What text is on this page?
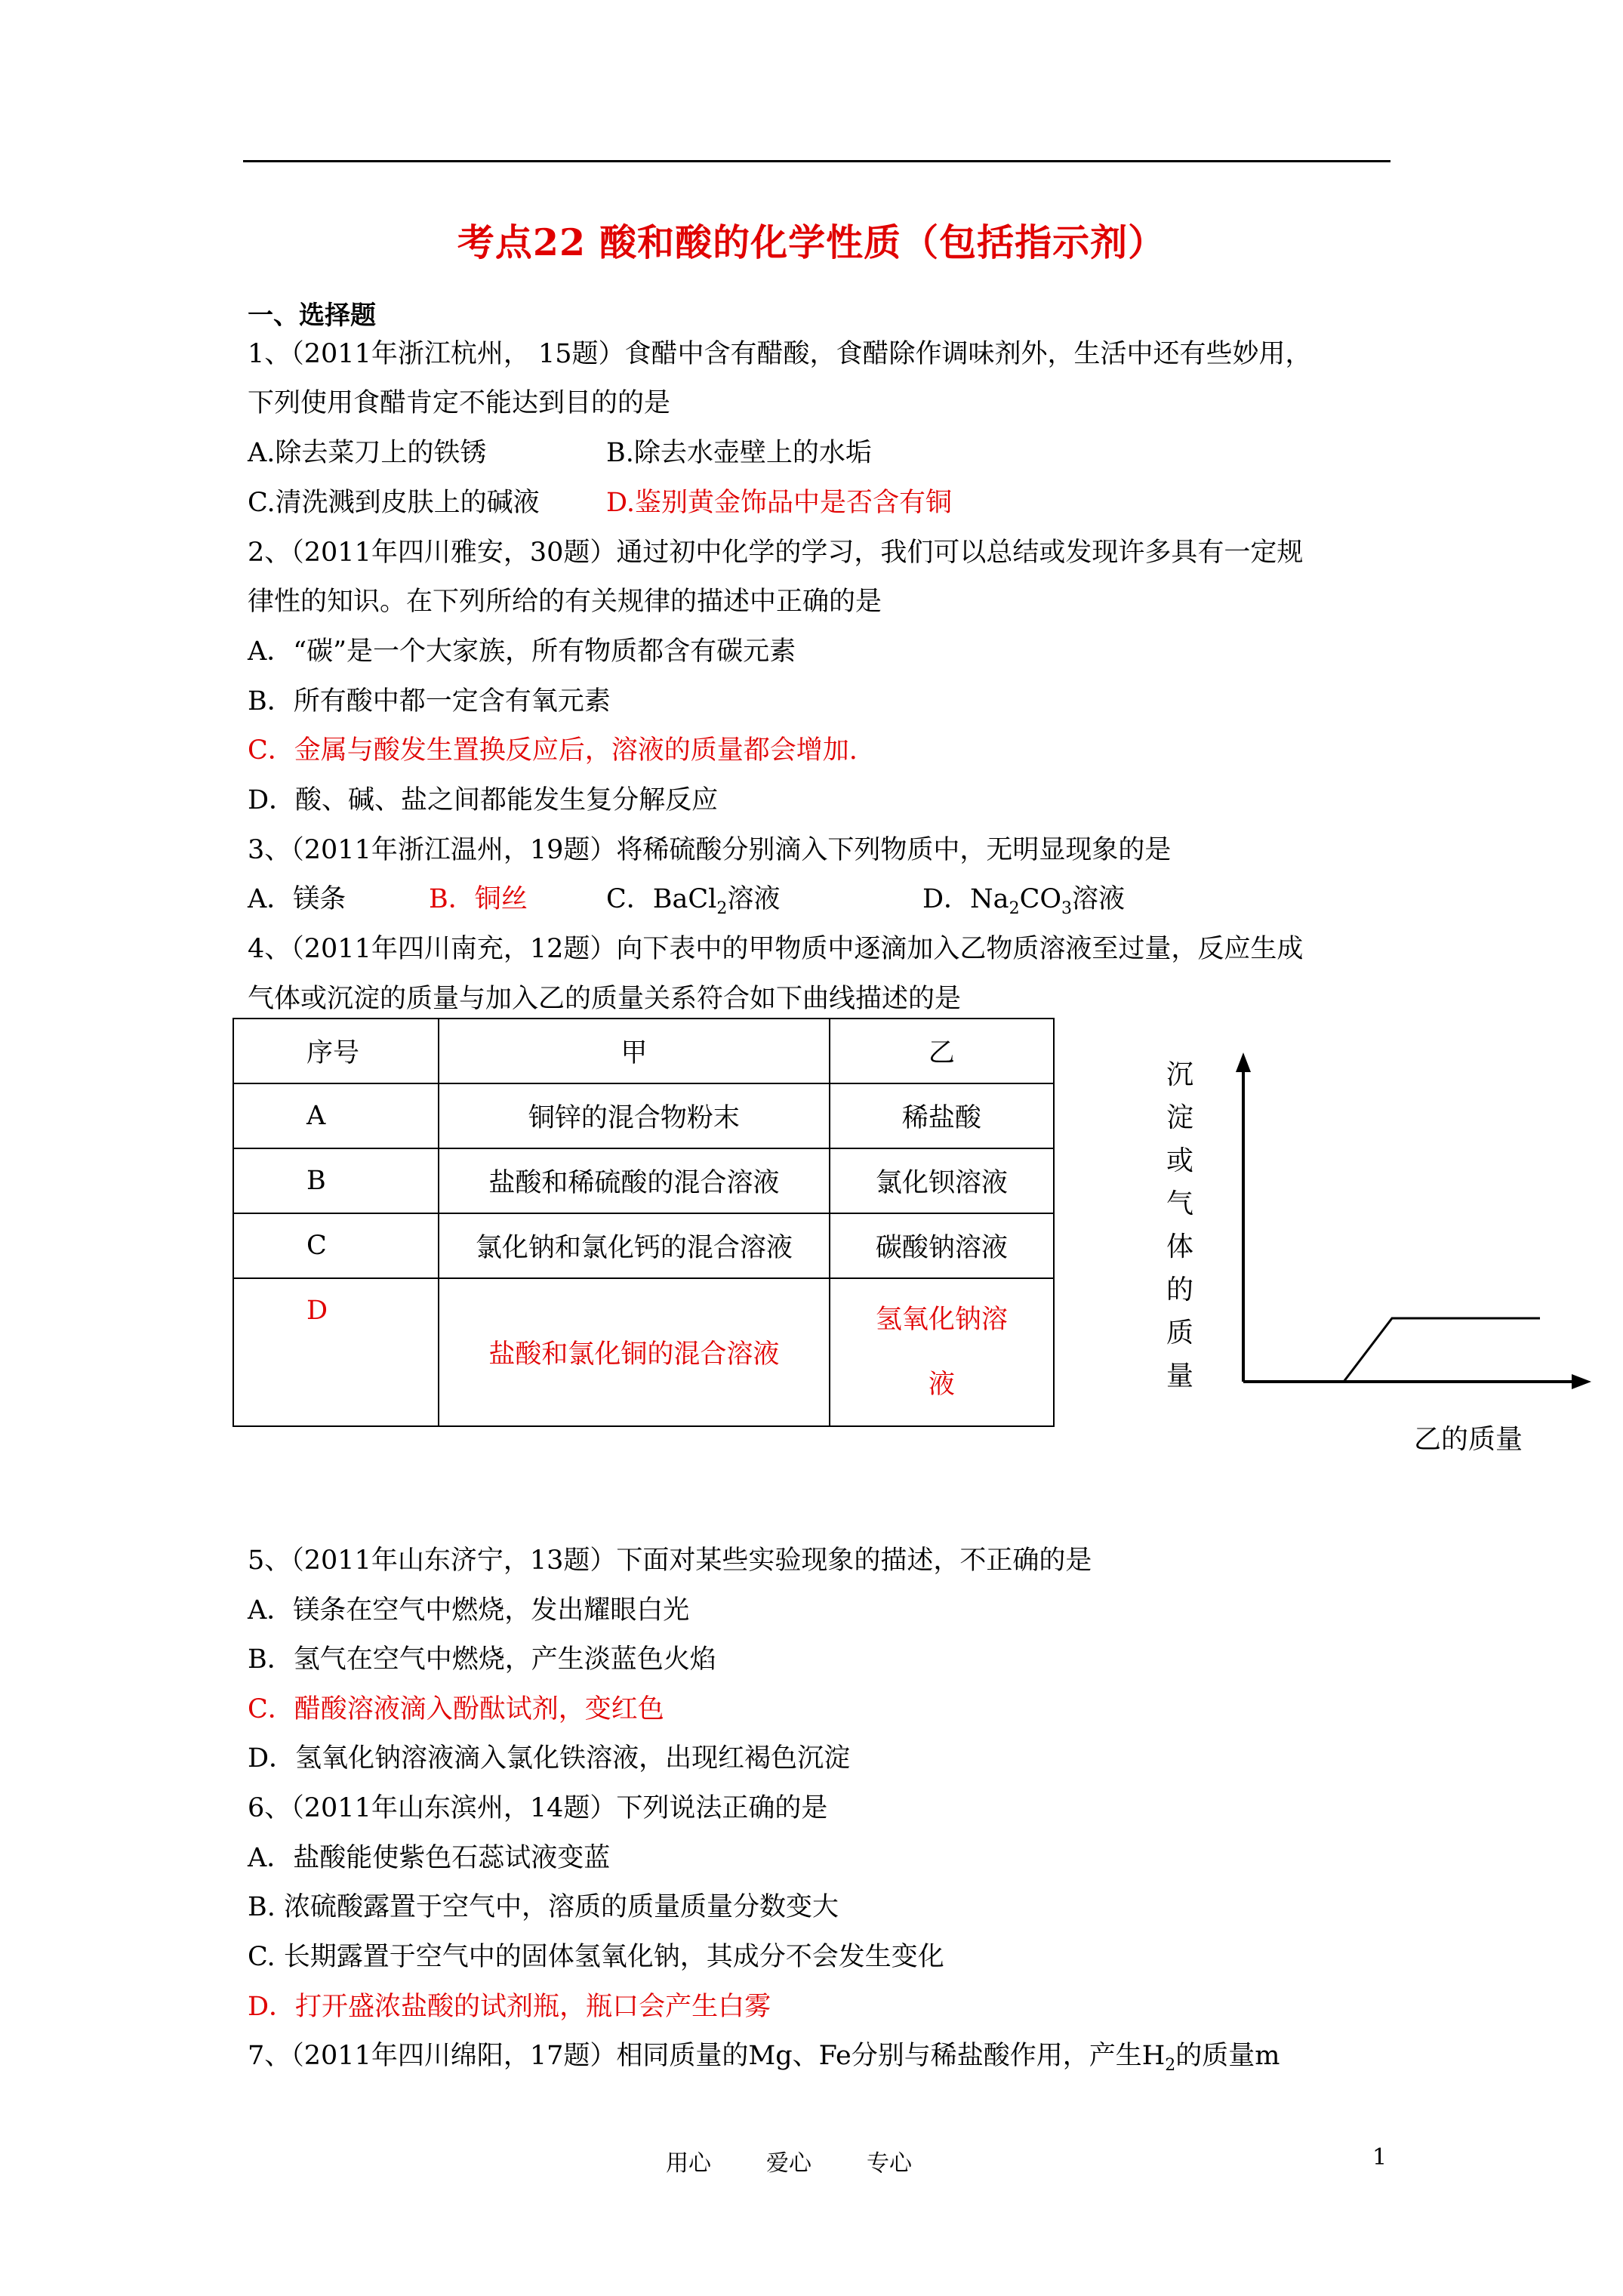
考点22 酸和酸的化学性质（包括指示剂）
一、选择题
1、（2011年浙江杭州， 15题）食醋中含有醋酸，食醋除作调味剂外，生活中还有些妙用，
下列使用食醋肯定不能达到目的的是
A.除去菜刀上的铁锈	B.除去水壶壁上的水垢
C.清洗溅到皮肤上的碱液	D.鉴别黄金饰品中是否含有铜
2、（2011年四川雅安，30题）通过初中化学的学习，我们可以总结或发现许多具有一定规
律性的知识。在下列所给的有关规律的描述中正确的是
A．“碳”是一个大家族，所有物质都含有碳元素
B．所有酸中都一定含有氧元素
C．金属与酸发生置换反应后，溶液的质量都会增加.
D．酸、碱、盐之间都能发生复分解反应
3、（2011年浙江温州，19题）将稀硫酸分别滴入下列物质中，无明显现象的是
A．镁条	B．铜丝	C．BaCl$_2$溶液	D．$Na_2CO_3$溶液
4、（2011年四川南充，12题）向下表中的甲物质中逐滴加入乙物质溶液至过量，反应生成
气体或沉淀的质量与加入乙的质量关系符合如下曲线描述的是
序号	甲	乙
A	铜锌的混合物粉末	稀盐酸
B	盐酸和稀硫酸的混合溶液	氯化钡溶液
C	氯化钠和氯化钙的混合溶液	碳酸钠溶液
D	盐酸和氯化铜的混合溶液	氢氧化钠溶
液
沉
淀
或
气
体
的
质
量
乙的质量
5、（2011年山东济宁，13题）下面对某些实验现象的描述，不正确的是
A．镁条在空气中燃烧，发出耀眼白光
B．氢气在空气中燃烧，产生淡蓝色火焰
C．醋酸溶液滴入酚酞试剂，变红色
D．氢氧化钠溶液滴入氯化铁溶液，出现红褐色沉淀
6、（2011年山东滨州，14题）下列说法正确的是
A．盐酸能使紫色石蕊试液变蓝
B. 浓硫酸露置于空气中，溶质的质量质量分数变大
C. 长期露置于空气中的固体氢氧化钠，其成分不会发生变化
D．打开盛浓盐酸的试剂瓶，瓶口会产生白雾
7、（2011年四川绵阳，17题）相同质量的Mg、Fe分别与稀盐酸作用，产生$H_2$的质量m
用心 爱心 专心	1
